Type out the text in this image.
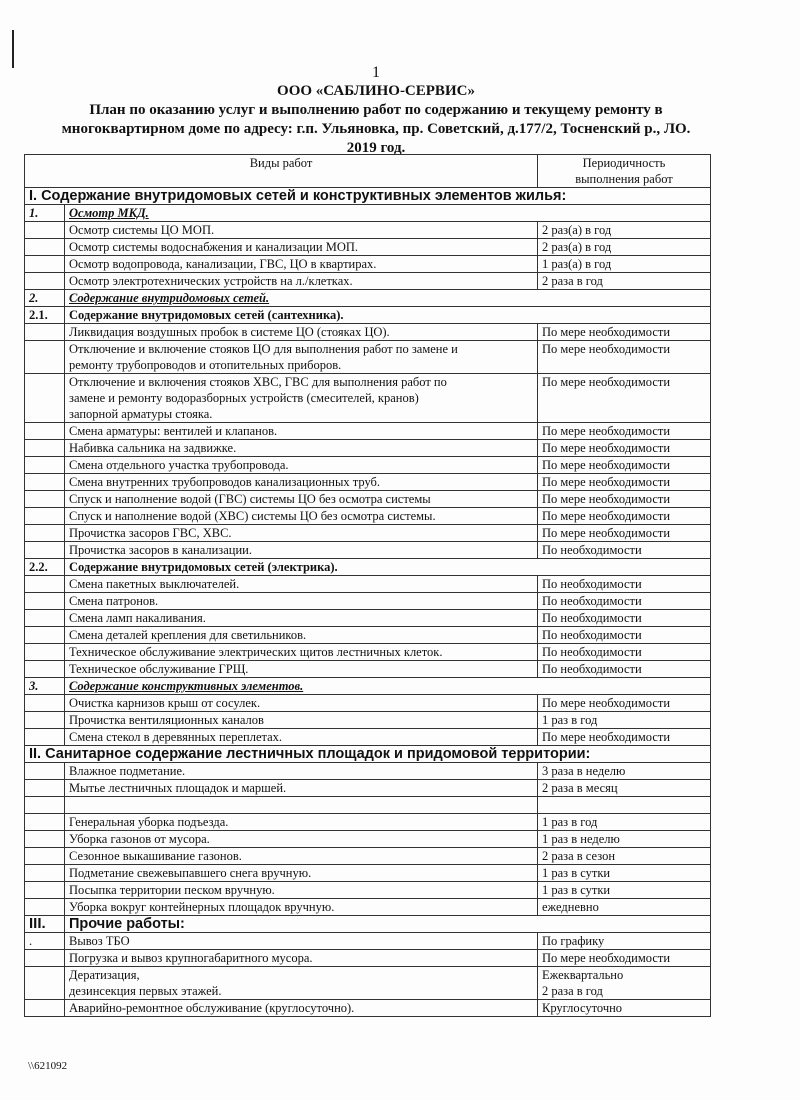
1
ООО «САБЛИНО-СЕРВИС»
План по оказанию услуг и выполнению работ по содержанию и текущему ремонту в
многоквартирном доме по адресу: г.п. Ульяновка, пр. Советский, д.177/2, Тосненский р., ЛО.
2019 год.
Виды работ		Периодичность
выполнения работ

I. Содержание внутридомовых сетей и конструктивных элементов жилья:		
1.	Осмотр МКД.	
	Осмотр системы ЦО МОП.	2 раз(а) в год
	Осмотр системы водоснабжения и канализации МОП.	2 раз(а) в год
	Осмотр водопровода, канализации, ГВС, ЦО в квартирах.	1 раз(а) в год
	Осмотр электротехнических устройств на л./клетках.	2 раза в год
2.	Содержание внутридомовых сетей.	
2.1.	Содержание внутридомовых сетей (сантехника).	
	Ликвидация воздушных пробок в системе ЦО (стояках ЦО).	По мере необходимости

	Отключение и включение стояков ЦО для выполнения работ по замене и
ремонту трубопроводов и отопительных приборов.	По мере необходимости

	Отключение и включения стояков ХВС, ГВС для выполнения работ по
замене и ремонту водоразборных устройств (смесителей, кранов)
запорной арматуры стояка.	По мере необходимости
	Смена арматуры: вентилей и клапанов.	По мере необходимости
	Набивка сальника на задвижке.	По мере необходимости
	Смена отдельного участка трубопровода.	По мере необходимости
	Смена внутренних трубопроводов канализационных труб.	По мере необходимости
	Спуск и наполнение водой (ГВС) системы ЦО без осмотра системы	По мере необходимости
	Спуск и наполнение водой (ХВС) системы ЦО без осмотра системы.	По мере необходимости
	Прочистка засоров ГВС, ХВС.	По мере необходимости
	Прочистка засоров в канализации.	По необходимости
2.2.	Содержание внутридомовых сетей (электрика).	
	Смена пакетных выключателей.	По необходимости
	Смена патронов.	По необходимости
	Смена ламп накаливания.	По необходимости
	Смена деталей крепления для светильников.	По необходимости
	Техническое обслуживание электрических щитов лестничных клеток.	По необходимости
	Техническое обслуживание ГРЩ.	По необходимости
3.	Содержание конструктивных элементов.	
	Очистка карнизов крыш от сосулек.	По мере необходимости
	Прочистка вентиляционных каналов	1 раз в год
	Смена стекол в деревянных переплетах.	По мере необходимости
II. Санитарное содержание лестничных площадок и придомовой территории:		
	Влажное подметание.	3 раза в неделю
	Мытье лестничных площадок и маршей.	2 раза в месяц

	Генеральная уборка подъезда.	1 раз в год
	Уборка газонов от мусора.	1 раз в неделю
	Сезонное выкашивание газонов.	2 раза в сезон
	Подметание свежевыпавшего снега вручную.	1 раз в сутки
	Посыпка территории песком вручную.	1 раз в сутки
	Уборка вокруг контейнерных площадок вручную.	ежедневно
III.	Прочие работы:	
.	Вывоз ТБО	По графику
	Погрузка и вывоз крупногабаритного мусора.	По мере необходимости

	Дератизация,
дезинсекция первых этажей.	Ежеквартально
2 раза в год

	Аварийно-ремонтное обслуживание (круглосуточно).	Круглосуточно
\\621092
